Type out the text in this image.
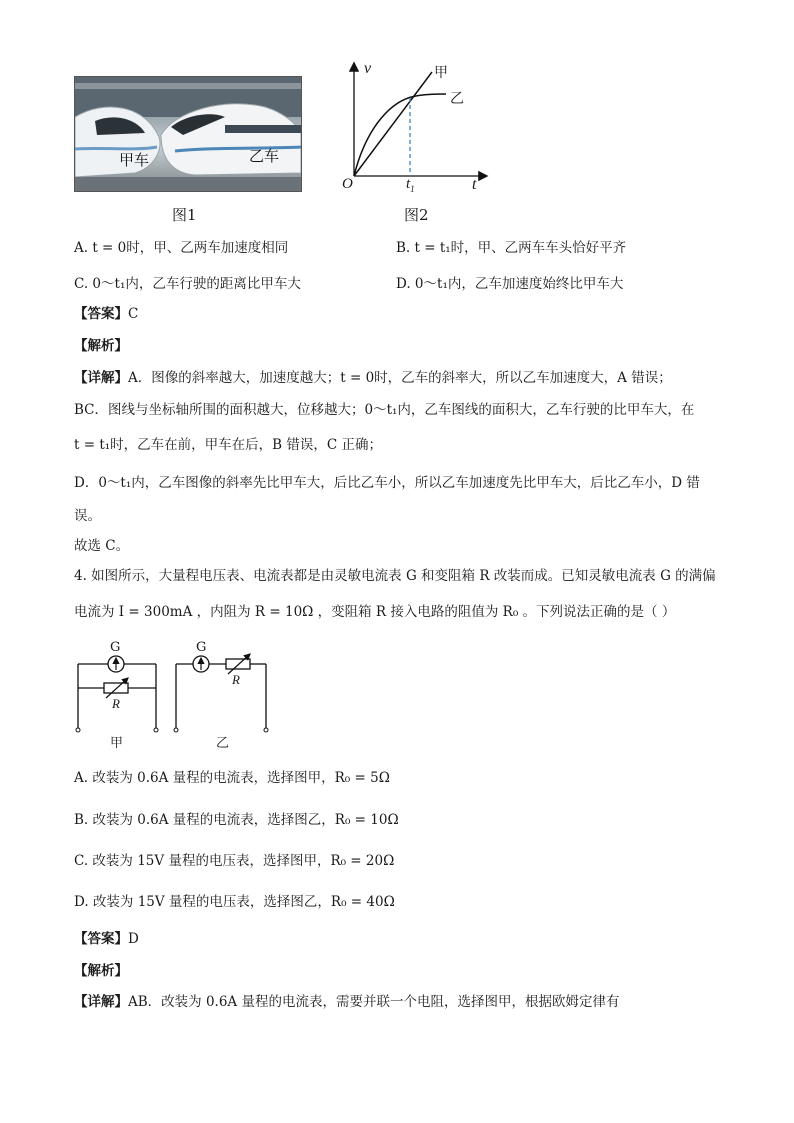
甲车	乙车
图1
v
t
O	$t_1$
甲
乙
图2
A. t = 0时，甲、乙两车加速度相同	B. t = t₁时，甲、乙两车车头恰好平齐
C. 0～t₁内，乙车行驶的距离比甲车大	D. 0～t₁内，乙车加速度始终比甲车大
【答案】C
【解析】
【详解】A．图像的斜率越大，加速度越大；t = 0时，乙车的斜率大，所以乙车加速度大，A 错误；
BC．图线与坐标轴所围的面积越大，位移越大；0～t₁内，乙车图线的面积大，乙车行驶的比甲车大，在
t = t₁时，乙车在前，甲车在后，B 错误，C 正确；
D．0～t₁内，乙车图像的斜率先比甲车大，后比乙车小，所以乙车加速度先比甲车大，后比乙车小，D 错
误。
故选 C。
4. 如图所示，大量程电压表、电流表都是由灵敏电流表 G 和变阻箱 R 改装而成。已知灵敏电流表 G 的满偏
电流为 I = 300mA ，内阻为 R = 10Ω ，变阻箱 R 接入电路的阻值为 R₀ 。下列说法正确的是（ ）
G
R
甲
G
R
乙
A. 改装为 0.6A 量程的电流表，选择图甲，R₀ = 5Ω
B. 改装为 0.6A 量程的电流表，选择图乙，R₀ = 10Ω
C. 改装为 15V 量程的电压表，选择图甲，R₀ = 20Ω
D. 改装为 15V 量程的电压表，选择图乙，R₀ = 40Ω
【答案】D
【解析】
【详解】AB．改装为 0.6A 量程的电流表，需要并联一个电阻，选择图甲，根据欧姆定律有
